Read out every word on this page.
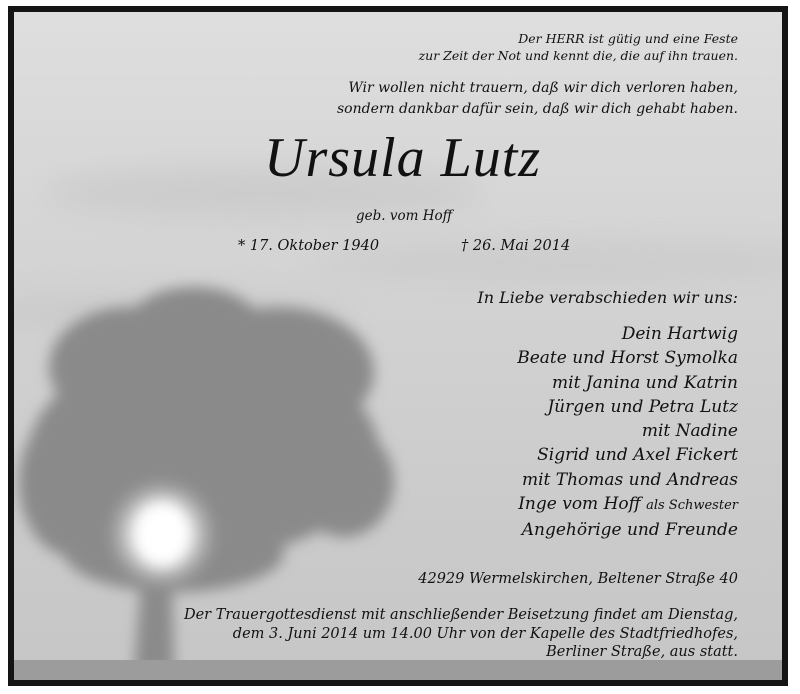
Der HERR ist gütig und eine Feste
zur Zeit der Not und kennt die, die auf ihn trauen.
Wir wollen nicht trauern, daß wir dich verloren haben,
sondern dankbar dafür sein, daß wir dich gehabt haben.
Ursula Lutz
geb. vom Hoff
* 17. Oktober 1940	† 26. Mai 2014
In Liebe verabschieden wir uns:
Dein Hartwig
Beate und Horst Symolka
mit Janina und Katrin
Jürgen und Petra Lutz
mit Nadine
Sigrid und Axel Fickert
mit Thomas und Andreas
Inge vom Hoff als Schwester
Angehörige und Freunde
42929 Wermelskirchen, Beltener Straße 40
Der Trauergottesdienst mit anschließender Beisetzung findet am Dienstag,
dem 3. Juni 2014 um 14.00 Uhr von der Kapelle des Stadtfriedhofes,
Berliner Straße, aus statt.
